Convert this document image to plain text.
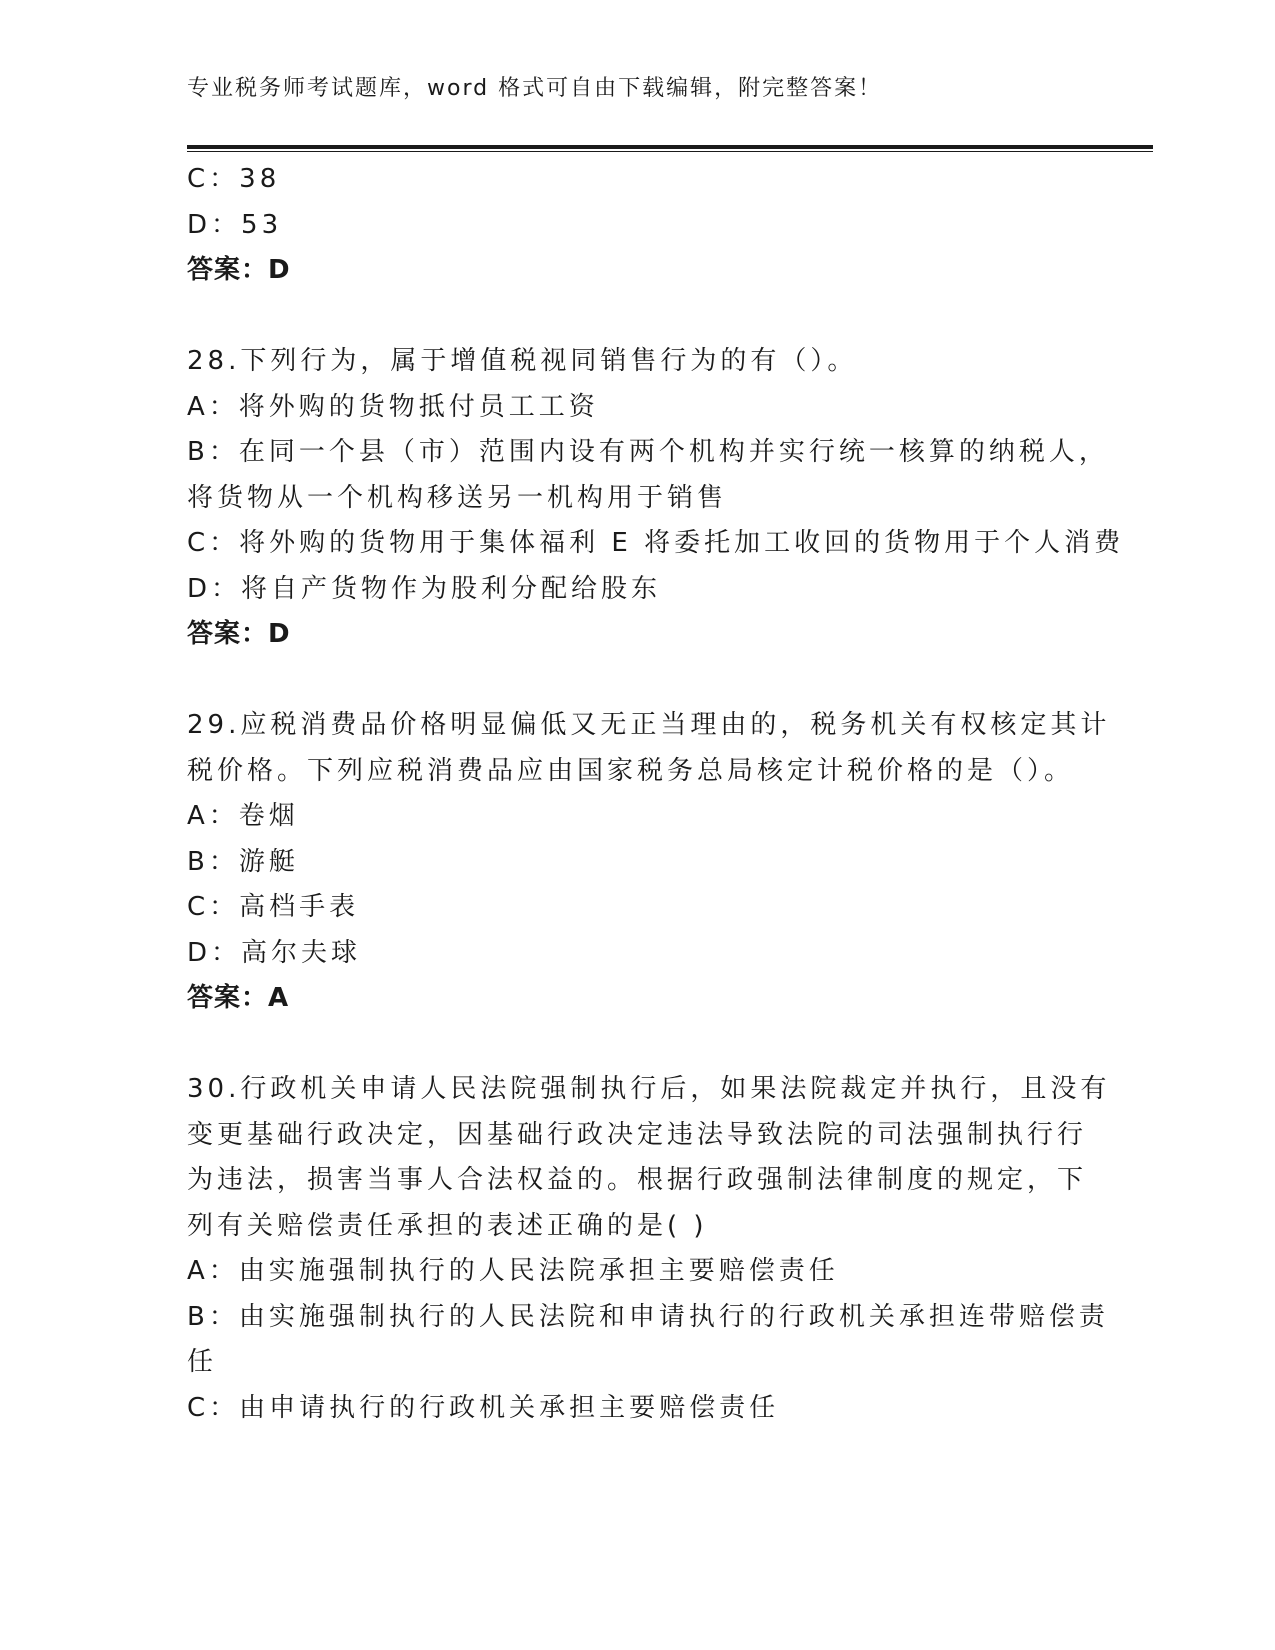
专业税务师考试题库，word 格式可自由下载编辑，附完整答案！
C：38
D：53
答案：D
28.下列行为，属于增值税视同销售行为的有（）。
A：将外购的货物抵付员工工资
B：在同一个县（市）范围内设有两个机构并实行统一核算的纳税人，
将货物从一个机构移送另一机构用于销售
C：将外购的货物用于集体福利 E 将委托加工收回的货物用于个人消费
D：将自产货物作为股利分配给股东
答案：D
29.应税消费品价格明显偏低又无正当理由的，税务机关有权核定其计
税价格。下列应税消费品应由国家税务总局核定计税价格的是（）。
A：卷烟
B：游艇
C：高档手表
D：高尔夫球
答案：A
30.行政机关申请人民法院强制执行后，如果法院裁定并执行，且没有
变更基础行政决定，因基础行政决定违法导致法院的司法强制执行行
为违法，损害当事人合法权益的。根据行政强制法律制度的规定，下
列有关赔偿责任承担的表述正确的是( )
A：由实施强制执行的人民法院承担主要赔偿责任
B：由实施强制执行的人民法院和申请执行的行政机关承担连带赔偿责
任
C：由申请执行的行政机关承担主要赔偿责任
